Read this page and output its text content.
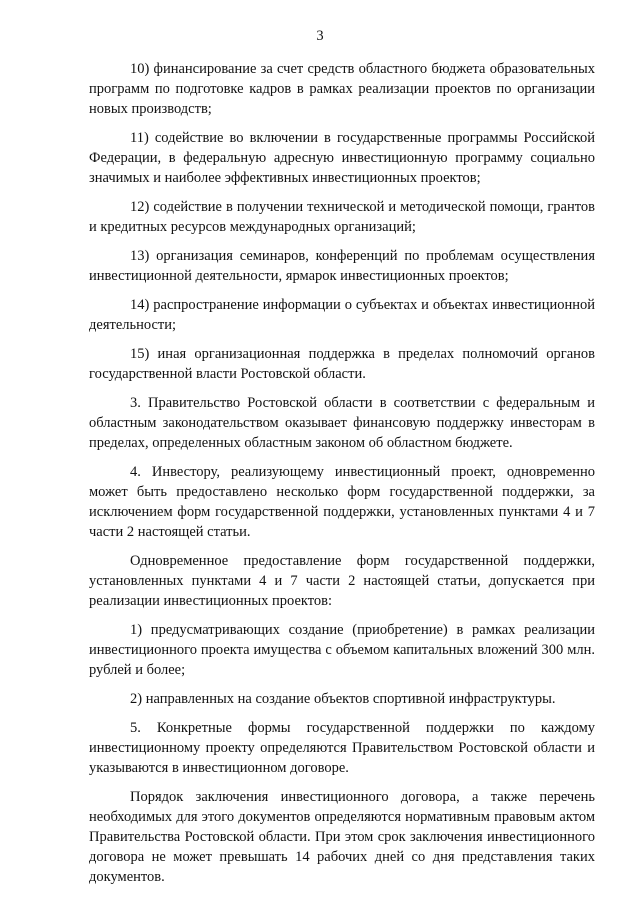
3

10) финансирование за счет средств областного бюджета образовательных программ по подготовке кадров в рамках реализации проектов по организации новых производств;

11) содействие во включении в государственные программы Российской Федерации, в федеральную адресную инвестиционную программу социально значимых и наиболее эффективных инвестиционных проектов;

12) содействие в получении технической и методической помощи, грантов и кредитных ресурсов международных организаций;

13) организация семинаров, конференций по проблемам осуществления инвестиционной деятельности, ярмарок инвестиционных проектов;

14) распространение информации о субъектах и объектах инвестиционной деятельности;

15) иная организационная поддержка в пределах полномочий органов государственной власти Ростовской области.

3. Правительство Ростовской области в соответствии с федеральным и областным законодательством оказывает финансовую поддержку инвесторам в пределах, определенных областным законом об областном бюджете.

4. Инвестору, реализующему инвестиционный проект, одновременно может быть предоставлено несколько форм государственной поддержки, за исключением форм государственной поддержки, установленных пунктами 4 и 7 части 2 настоящей статьи.

Одновременное предоставление форм государственной поддержки, установленных пунктами 4 и 7 части 2 настоящей статьи, допускается при реализации инвестиционных проектов:

1) предусматривающих создание (приобретение) в рамках реализации инвестиционного проекта имущества с объемом капитальных вложений 300 млн. рублей и более;

2) направленных на создание объектов спортивной инфраструктуры.

5. Конкретные формы государственной поддержки по каждому инвестиционному проекту определяются Правительством Ростовской области и указываются в инвестиционном договоре.

Порядок заключения инвестиционного договора, а также перечень необходимых для этого документов определяются нормативным правовым актом Правительства Ростовской области. При этом срок заключения инвестиционного договора не может превышать 14 рабочих дней со дня представления таких документов.
